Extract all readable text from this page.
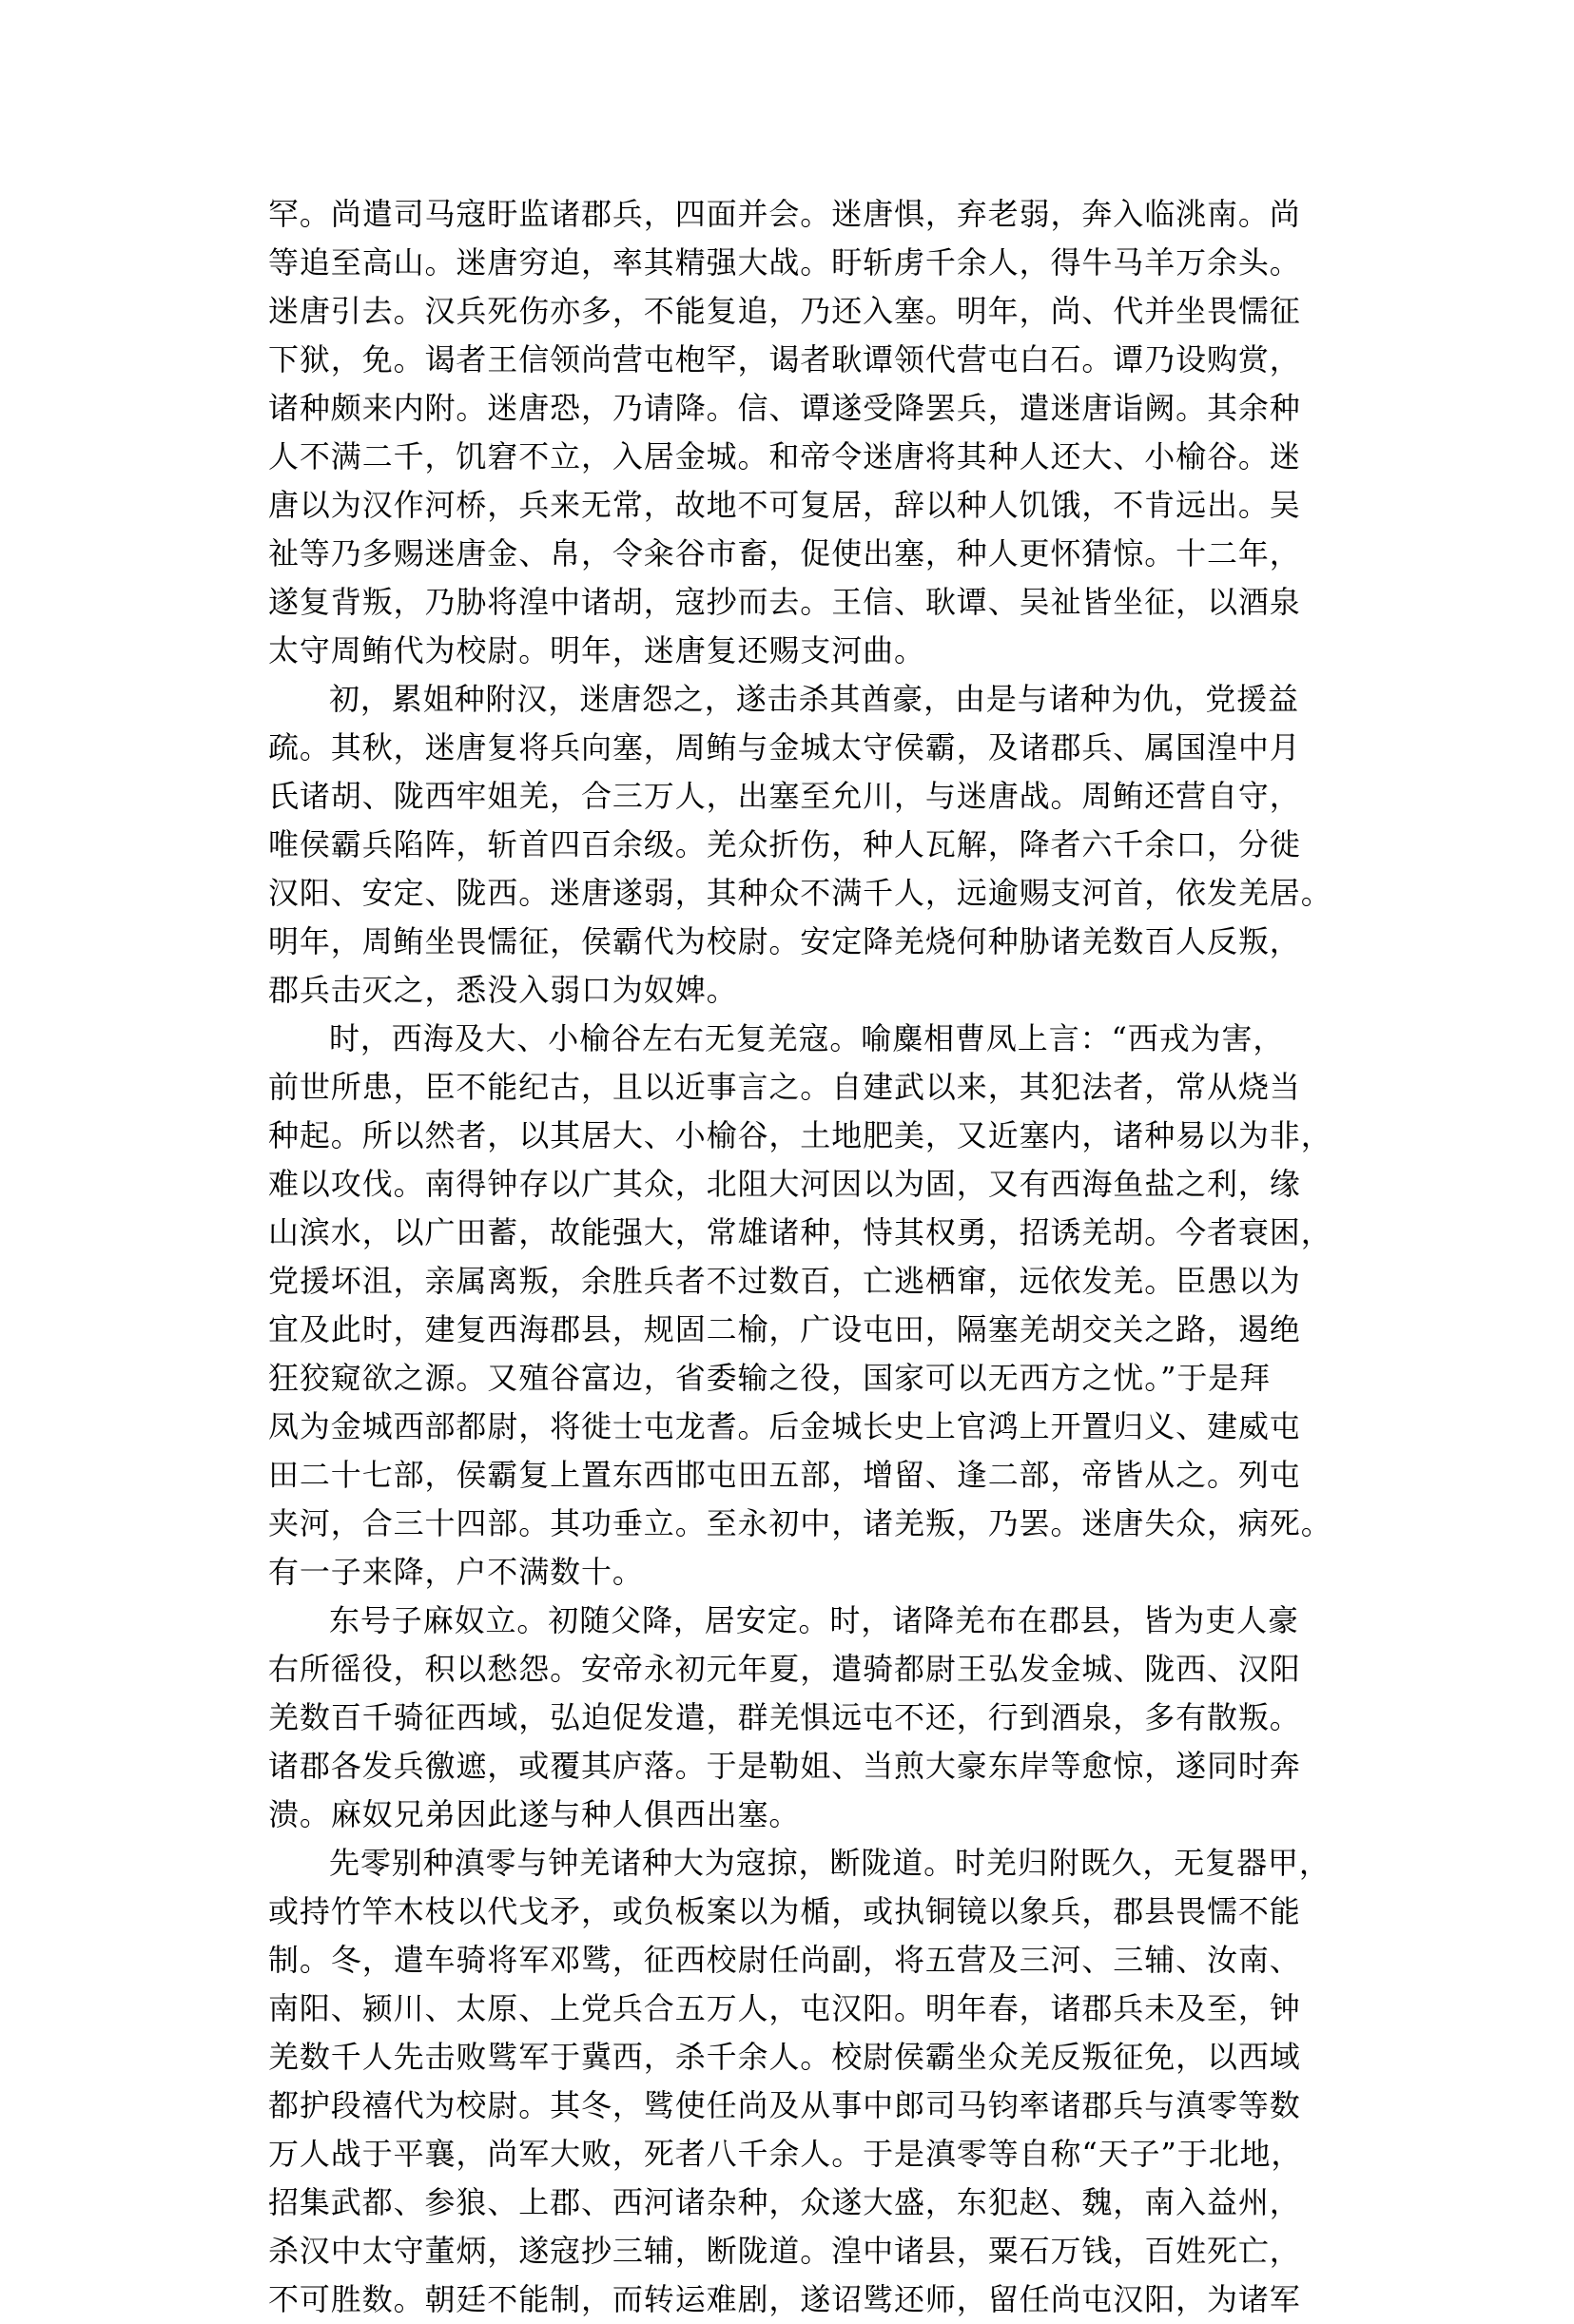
罕。尚遣司马寇盱监诸郡兵，四面并会。迷唐惧，弃老弱，奔入临洮南。尚
等追至高山。迷唐穷迫，率其精强大战。盱斩虏千余人，得牛马羊万余头。
迷唐引去。汉兵死伤亦多，不能复追，乃还入塞。明年，尚、代并坐畏懦征
下狱，免。谒者王信领尚营屯枹罕，谒者耿谭领代营屯白石。谭乃设购赏，
诸种颇来内附。迷唐恐，乃请降。信、谭遂受降罢兵，遣迷唐诣阙。其余种
人不满二千，饥窘不立，入居金城。和帝令迷唐将其种人还大、小榆谷。迷
唐以为汉作河桥，兵来无常，故地不可复居，辞以种人饥饿，不肯远出。吴
祉等乃多赐迷唐金、帛，令籴谷市畜，促使出塞，种人更怀猜惊。十二年，
遂复背叛，乃胁将湟中诸胡，寇抄而去。王信、耿谭、吴祉皆坐征，以酒泉
太守周鲔代为校尉。明年，迷唐复还赐支河曲。
初，累姐种附汉，迷唐怨之，遂击杀其酋豪，由是与诸种为仇，党援益
疏。其秋，迷唐复将兵向塞，周鲔与金城太守侯霸，及诸郡兵、属国湟中月
氏诸胡、陇西牢姐羌，合三万人，出塞至允川，与迷唐战。周鲔还营自守，
唯侯霸兵陷阵，斩首四百余级。羌众折伤，种人瓦解，降者六千余口，分徙
汉阳、安定、陇西。迷唐遂弱，其种众不满千人，远逾赐支河首，依发羌居。
明年，周鲔坐畏懦征，侯霸代为校尉。安定降羌烧何种胁诸羌数百人反叛，
郡兵击灭之，悉没入弱口为奴婢。
时，西海及大、小榆谷左右无复羌寇。喻麋相曹凤上言：“西戎为害，
前世所患，臣不能纪古，且以近事言之。自建武以来，其犯法者，常从烧当
种起。所以然者，以其居大、小榆谷，土地肥美，又近塞内，诸种易以为非，
难以攻伐。南得钟存以广其众，北阻大河因以为固，又有西海鱼盐之利，缘
山滨水，以广田蓄，故能强大，常雄诸种，恃其权勇，招诱羌胡。今者衰困，
党援坏沮，亲属离叛，余胜兵者不过数百，亡逃栖窜，远依发羌。臣愚以为
宜及此时，建复西海郡县，规固二榆，广设屯田，隔塞羌胡交关之路，遏绝
狂狡窥欲之源。又殖谷富边，省委输之役，国家可以无西方之忧。”于是拜
凤为金城西部都尉，将徙士屯龙耆。后金城长史上官鸿上开置归义、建威屯
田二十七部，侯霸复上置东西邯屯田五部，增留、逢二部，帝皆从之。列屯
夹河，合三十四部。其功垂立。至永初中，诸羌叛，乃罢。迷唐失众，病死。
有一子来降，户不满数十。
东号子麻奴立。初随父降，居安定。时，诸降羌布在郡县，皆为吏人豪
右所徭役，积以愁怨。安帝永初元年夏，遣骑都尉王弘发金城、陇西、汉阳
羌数百千骑征西域，弘迫促发遣，群羌惧远屯不还，行到酒泉，多有散叛。
诸郡各发兵徼遮，或覆其庐落。于是勒姐、当煎大豪东岸等愈惊，遂同时奔
溃。麻奴兄弟因此遂与种人俱西出塞。
先零别种滇零与钟羌诸种大为寇掠，断陇道。时羌归附既久，无复器甲，
或持竹竿木枝以代戈矛，或负板案以为楯，或执铜镜以象兵，郡县畏懦不能
制。冬，遣车骑将军邓骘，征西校尉任尚副，将五营及三河、三辅、汝南、
南阳、颍川、太原、上党兵合五万人，屯汉阳。明年春，诸郡兵未及至，钟
羌数千人先击败骘军于冀西，杀千余人。校尉侯霸坐众羌反叛征免，以西域
都护段禧代为校尉。其冬，骘使任尚及从事中郎司马钧率诸郡兵与滇零等数
万人战于平襄，尚军大败，死者八千余人。于是滇零等自称“天子”于北地，
招集武都、参狼、上郡、西河诸杂种，众遂大盛，东犯赵、魏，南入益州，
杀汉中太守董炳，遂寇抄三辅，断陇道。湟中诸县，粟石万钱，百姓死亡，
不可胜数。朝廷不能制，而转运难剧，遂诏骘还师，留任尚屯汉阳，为诸军
